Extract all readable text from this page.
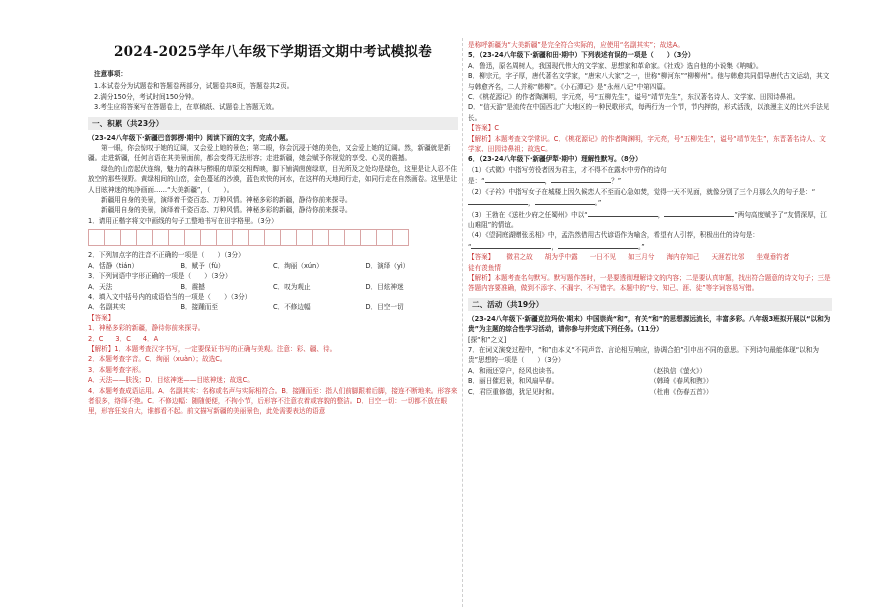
2024-2025学年八年级下学期语文期中考试模拟卷
注意事项：

1.本试卷分为试题卷和答题卷两部分，试题卷共8页，答题卷共2页。

2.满分150分，考试时间150分钟。

3.考生应将答案写在答题卷上，在草稿纸、试题卷上答题无效。

一、积累（共23分）

（23-24八年级下·新疆巴音郭楞·期中）阅读下面的文字，完成小题。

第一眼，你会惊叹于她的辽阔，又会爱上她的景色；第二眼，你会沉浸于她的美色，又会爱上她的辽阔。然，新疆就是新疆。走进新疆，任何言语在其美景面前，都会变得无法形容；走进新疆，她会赋予你视觉的享受、心灵的震撼。

绿色的山峦起伏连绵，魅力的森林与醉眼的草原交相辉映，脚下铺满茵茵绿草，目光所及之处均是绿色，这里是让人忍不住放空的那些视野。黄绿相间的山峦，金色蔓延的沙漠，蓝色欢快的河水，在这样的天地间行走，如同行走在自然画卷。这里是让人目眩神迷的纯净画面……“大美新疆”，（　　）。

新疆用自身的美景，演绎着千姿百态、万种风情。神秘多彩的新疆，静待你前来探寻。

新疆用自身的美景，演绎着千姿百态、万种风情。神秘多彩的新疆，静待你前来探寻。

1．请用正楷字将文中画线的句子工整地书写在田字格里。（3分）

2．下列加点字的注音不正确的一项是（　　）（3分）

A．恬静（tián）	B．赋予（fù）	C．绚丽（xún）	D．演绎（yì）

3．下列词语中字形正确的一项是（　　）（3分）

A．天法	B．震撼	C．叹为观止	D．目炫神迷

4．填入文中括号内的成语恰当的一项是（　　）（3分）

A．名副其实	B．接踵而至	C．不修边幅	D．目空一切

【答案】

1．神秘多彩的新疆，静待你前来探寻。

2．C 3．C 4．A

【解析】1．本题考查汉字书写，一定要保证书写的正确与美观。注意：彩、疆、待。

2．本题考查字音。C．绚丽（xuàn）；故选C。

3．本题考查字形。

A．天法——肤浅；D．目炫神迷——目眩神迷；故选C。

4．本题考查成语运用。A．名副其实：名称或名声与实际相符合。B．接踵而至：指人们前脚跟着后脚，接连不断地来。形容来者很多，络绎不绝。C．不修边幅：随随便便，不拘小节，后形容不注意衣着或容貌的整洁。D．目空一切：一切都不放在眼里，形容狂妄自大，谁都看不起。前文描写新疆的美丽景色，此处需要表达的语意

是称呼新疆为“大美新疆”是完全符合实际的，应使用“名副其实”；故选A。

5．（23-24八年级下·新疆和田·期中）下列表述有误的一项是（　　）（3分）

A．鲁迅，原名周树人，我国现代伟大的文学家、思想家和革命家。《社戏》选自他的小说集《呐喊》。

B．柳宗元，字子厚，唐代著名文学家，“唐宋八大家”之一，世称“柳河东”“柳柳州”。他与韩愈共同倡导唐代古文运动，其文与韩愈齐名，二人并称“韩柳”。《小石潭记》是“永州八记”中第四篇。

C．《桃花源记》的作者陶渊明，字元亮，号“五柳先生”，谥号“靖节先生”，东汉著名诗人、文学家、田园诗鼻祖。

D．“信天游”是流传在中国西北广大地区的一种民歌形式，每两行为一个节，节内押韵，形式活泼，以浪漫主义的比兴手法见长。

【答案】C

【解析】本题考查文学常识。C．《桃花源记》的作者陶渊明，字元亮，号“五柳先生”，谥号“靖节先生”，东晋著名诗人、文学家、田园诗鼻祖；故选C。

6．（23-24八年级下·新疆伊犁·期中）理解性默写。（8分）

（1）《式微》中指写劳役者因为君主，才不得不在露水中劳作的诗句

是：“	，	？”

（2）《子衿》中指写女子在城楼上因久候恋人不至而心急如焚，觉得一天不见面，就像分别了三个月那么久的句子是：“，	。”

（3）王勃在《送杜少府之任蜀州》中以“	，	”两句高度赋予了“友情深厚，江山难阻”的情谊。

（4）《望洞庭湖赠张丞相》中，孟浩然借用古代谚语作为喻含，希望有人引荐，积极出仕的诗句是：

“	，	。”

【答案】 微君之故 胡为乎中露 一日不见 如三月兮 海内存知己 天涯若比邻 坐观垂钓者
徒有羡鱼情

【解析】本题考查名句默写。默写题作答时，一是要透彻理解诗文的内容；二是要认真审题，找出符合题意的诗文句子；三是答题内容要准确，做到不添字、不漏字、不写错字。本题中的“兮、知己、涯、徒”等字词容易写错。

二、活动（共19分）

（23-24八年级下·新疆克拉玛依·期末）中国崇尚“和”，有关“和”的思想源远流长，丰富多彩。八年级3班拟开展以“以和为贵”为主题的综合性学习活动，请你参与并完成下列任务。（11分）

[探“和”之义]

7．在词义演变过程中，“和”由本义“不同声音、言论相互响应，协调合拍”引申出不同的意思。下列诗句最能体现“以和为贵”思想的一项是（　　）（3分）

A．和雨还穿户，经风也读书。	（赵执信《萤火》）
B．丽日催迟景，和风扇早春。	（韩琦《春风和煦》）
C．君臣重修德，犹足见时和。	（杜甫《伤春五首》）
